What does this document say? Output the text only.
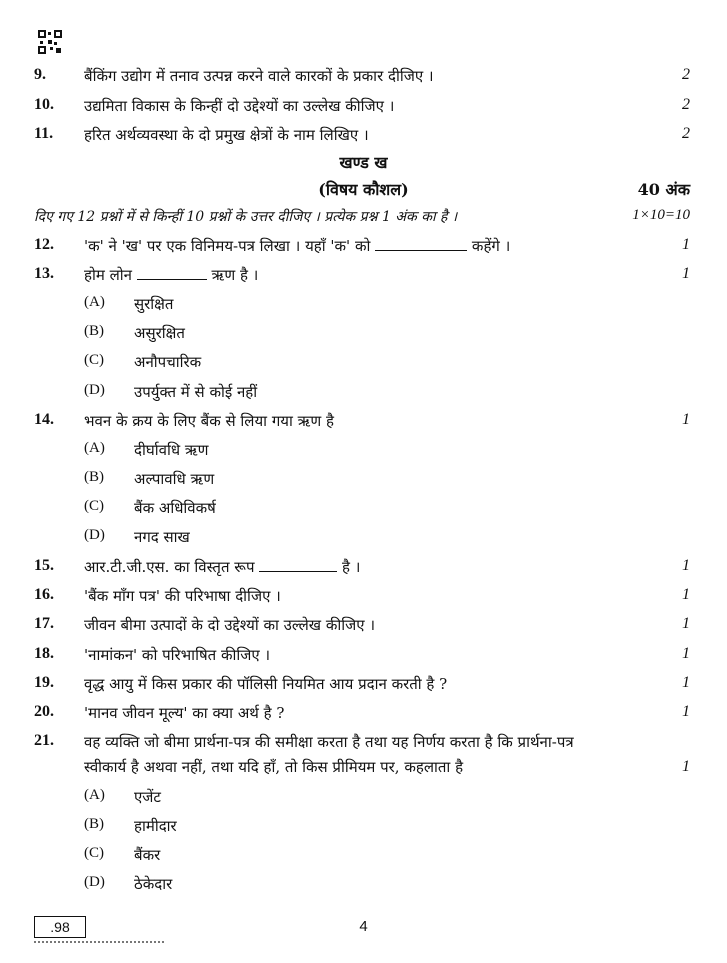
9.	बैंकिंग उद्योग में तनाव उत्पन्न करने वाले कारकों के प्रकार दीजिए ।	2
10. उद्यमिता विकास के किन्हीं दो उद्देश्यों का उल्लेख कीजिए ।	2
11. हरित अर्थव्यवस्था के दो प्रमुख क्षेत्रों के नाम लिखिए ।	2
खण्ड ख
(विषय कौशल)	40 अंक
दिए गए 12 प्रश्नों में से किन्हीं 10 प्रश्नों के उत्तर दीजिए । प्रत्येक प्रश्न 1 अंक का है ।	1×10=10
12. 'क' ने 'ख' पर एक विनिमय-पत्र लिखा । यहाँ 'क' को	कहेंगे ।	1
13. होम लोन	ऋण है ।	1
(A) सुरक्षित
(B) असुरक्षित
(C) अनौपचारिक
(D) उपर्युक्त में से कोई नहीं
14. भवन के क्रय के लिए बैंक से लिया गया ऋण है	1
(A) दीर्घावधि ऋण
(B) अल्पावधि ऋण
(C) बैंक अधिविकर्ष
(D) नगद साख
15. आर.टी.जी.एस. का विस्तृत रूप	है ।	1
16. 'बैंक माँग पत्र' की परिभाषा दीजिए ।	1
17. जीवन बीमा उत्पादों के दो उद्देश्यों का उल्लेख कीजिए ।	1
18. 'नामांकन' को परिभाषित कीजिए ।	1
19. वृद्ध आयु में किस प्रकार की पॉलिसी नियमित आय प्रदान करती है ?	1
20. 'मानव जीवन मूल्य' का क्या अर्थ है ?	1
21. वह व्यक्ति जो बीमा प्रार्थना-पत्र की समीक्षा करता है तथा यह निर्णय करता है कि प्रार्थना-पत्र
स्वीकार्य है अथवा नहीं, तथा यदि हाँ, तो किस प्रीमियम पर, कहलाता है	1
(A) एजेंट
(B) हामीदार
(C) बैंकर
(D) ठेकेदार
.98	4
